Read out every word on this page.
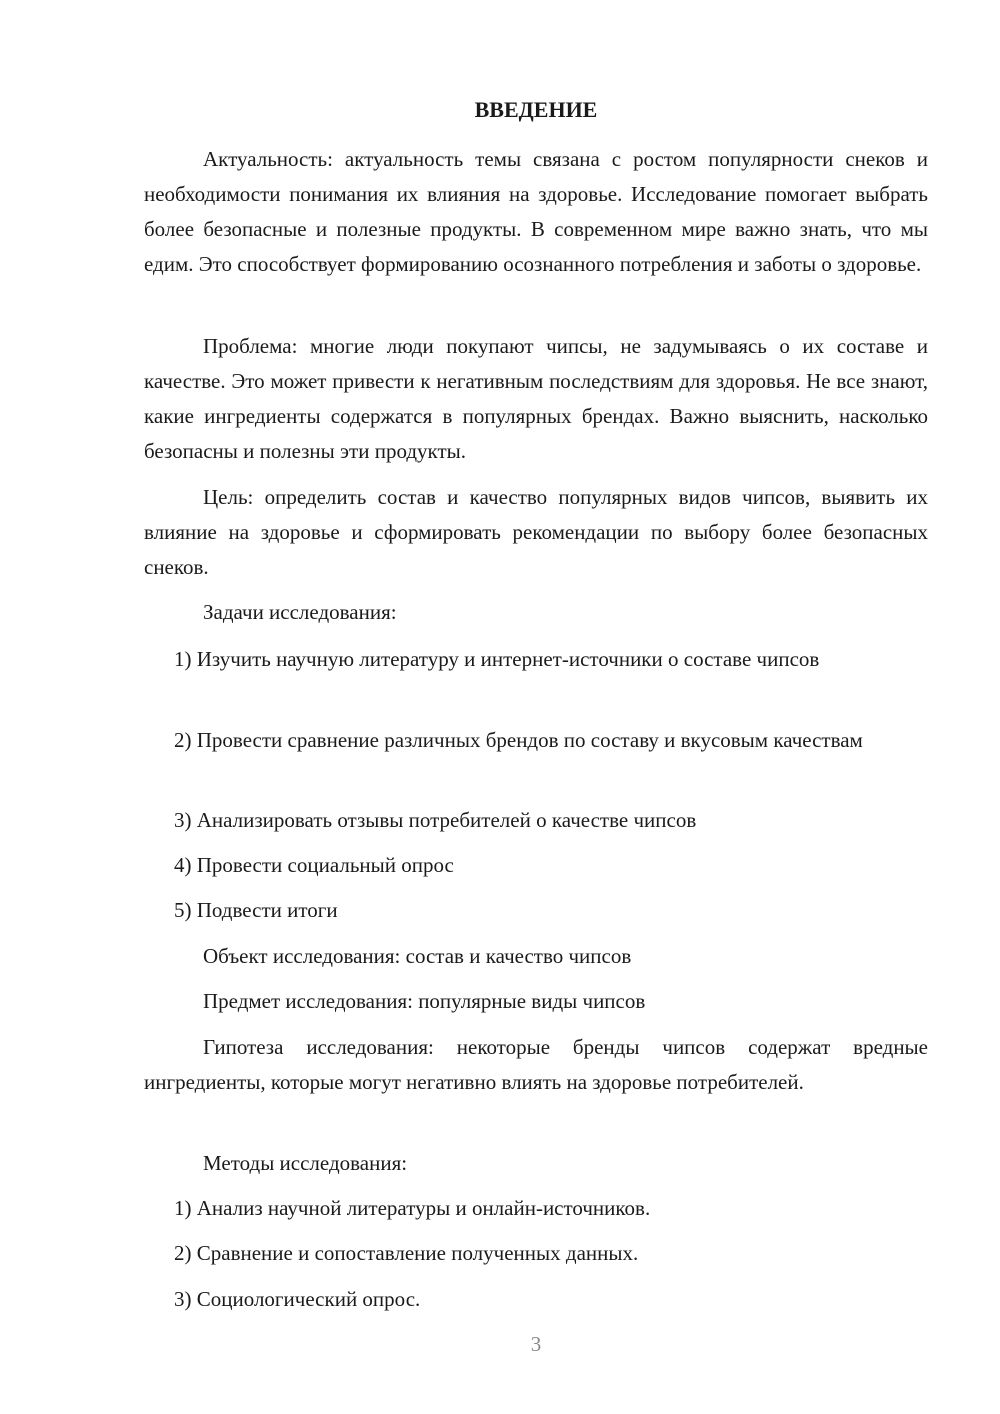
ВВЕДЕНИЕ

Актуальность: актуальность темы связана с ростом популярности снеков и необходимости понимания их влияния на здоровье. Исследование помогает выбрать более безопасные и полезные продукты. В современном мире важно знать, что мы едим. Это способствует формированию осознанного потребления и заботы о здоровье.

Проблема: многие люди покупают чипсы, не задумываясь о их составе и качестве. Это может привести к негативным последствиям для здоровья. Не все знают, какие ингредиенты содержатся в популярных брендах. Важно выяснить, насколько безопасны и полезны эти продукты.

Цель: определить состав и качество популярных видов чипсов, выявить их влияние на здоровье и сформировать рекомендации по выбору более безопасных снеков.

Задачи исследования:

1) Изучить научную литературу и интернет-источники о составе чипсов

2) Провести сравнение различных брендов по составу и вкусовым качествам

3) Анализировать отзывы потребителей о качестве чипсов

4) Провести социальный опрос

5) Подвести итоги

Объект исследования: состав и качество чипсов

Предмет исследования: популярные виды чипсов

Гипотеза исследования: некоторые бренды чипсов содержат вредные ингредиенты, которые могут негативно влиять на здоровье потребителей.

Методы исследования:

1) Анализ научной литературы и онлайн-источников.

2) Сравнение и сопоставление полученных данных.

3) Социологический опрос.

3
